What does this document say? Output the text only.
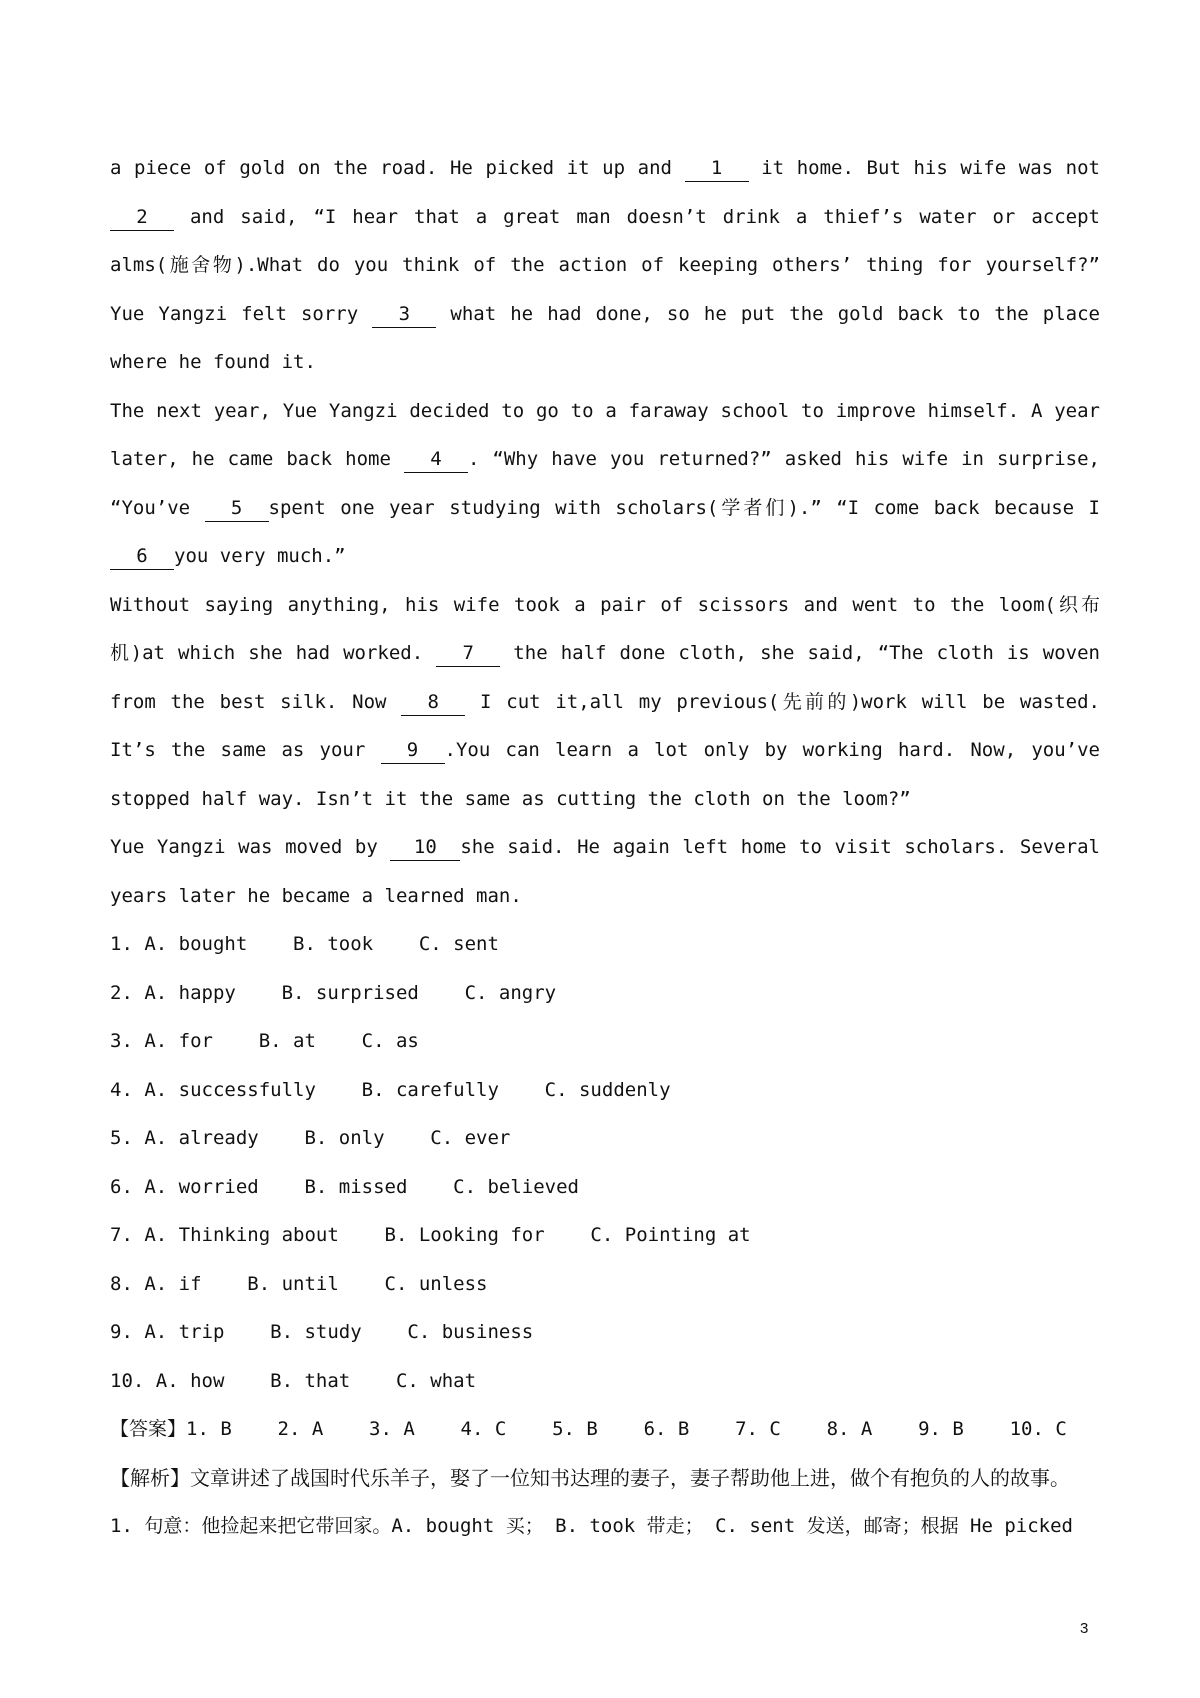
a piece of gold on the road. He picked it up and 1 it home. But his wife was not 2 and said, “I hear that a great man doesn’t drink a thief’s water or accept alms(施舍物).What do you think of the action of keeping others’ thing for yourself?” Yue Yangzi felt sorry 3 what he had done, so he put the gold back to the place where he found it.

The next year, Yue Yangzi decided to go to a faraway school to improve himself. A year later, he came back home 4 . “Why have you returned?” asked his wife in surprise, “You’ve 5 spent one year studying with scholars(学者们).” “I come back because I 6 you very much.”

Without saying anything, his wife took a pair of scissors and went to the loom(织布机)at which she had worked. 7 the half done cloth, she said, “The cloth is woven from the best silk. Now 8 I cut it,all my previous(先前的)work will be wasted. It’s the same as your 9 .You can learn a lot only by working hard. Now, you’ve stopped half way. Isn’t it the same as cutting the cloth on the loom?”

Yue Yangzi was moved by 10 she said. He again left home to visit scholars. Several years later he became a learned man.

1. A. bought    B. took    C. sent

2. A. happy    B. surprised    C. angry

3. A. for    B. at    C. as

4. A. successfully    B. carefully    C. suddenly

5. A. already    B. only    C. ever

6. A. worried    B. missed    C. believed

7. A. Thinking about    B. Looking for    C. Pointing at

8. A. if    B. until    C. unless

9. A. trip    B. study    C. business

10. A. how    B. that    C. what

【答案】1. B    2. A    3. A    4. C    5. B    6. B    7. C    8. A    9. B    10. C

【解析】文章讲述了战国时代乐羊子，娶了一位知书达理的妻子，妻子帮助他上进，做个有抱负的人的故事。

1. 句意：他捡起来把它带回家。A. bought 买； B. took 带走； C. sent 发送，邮寄；根据 He picked

3
